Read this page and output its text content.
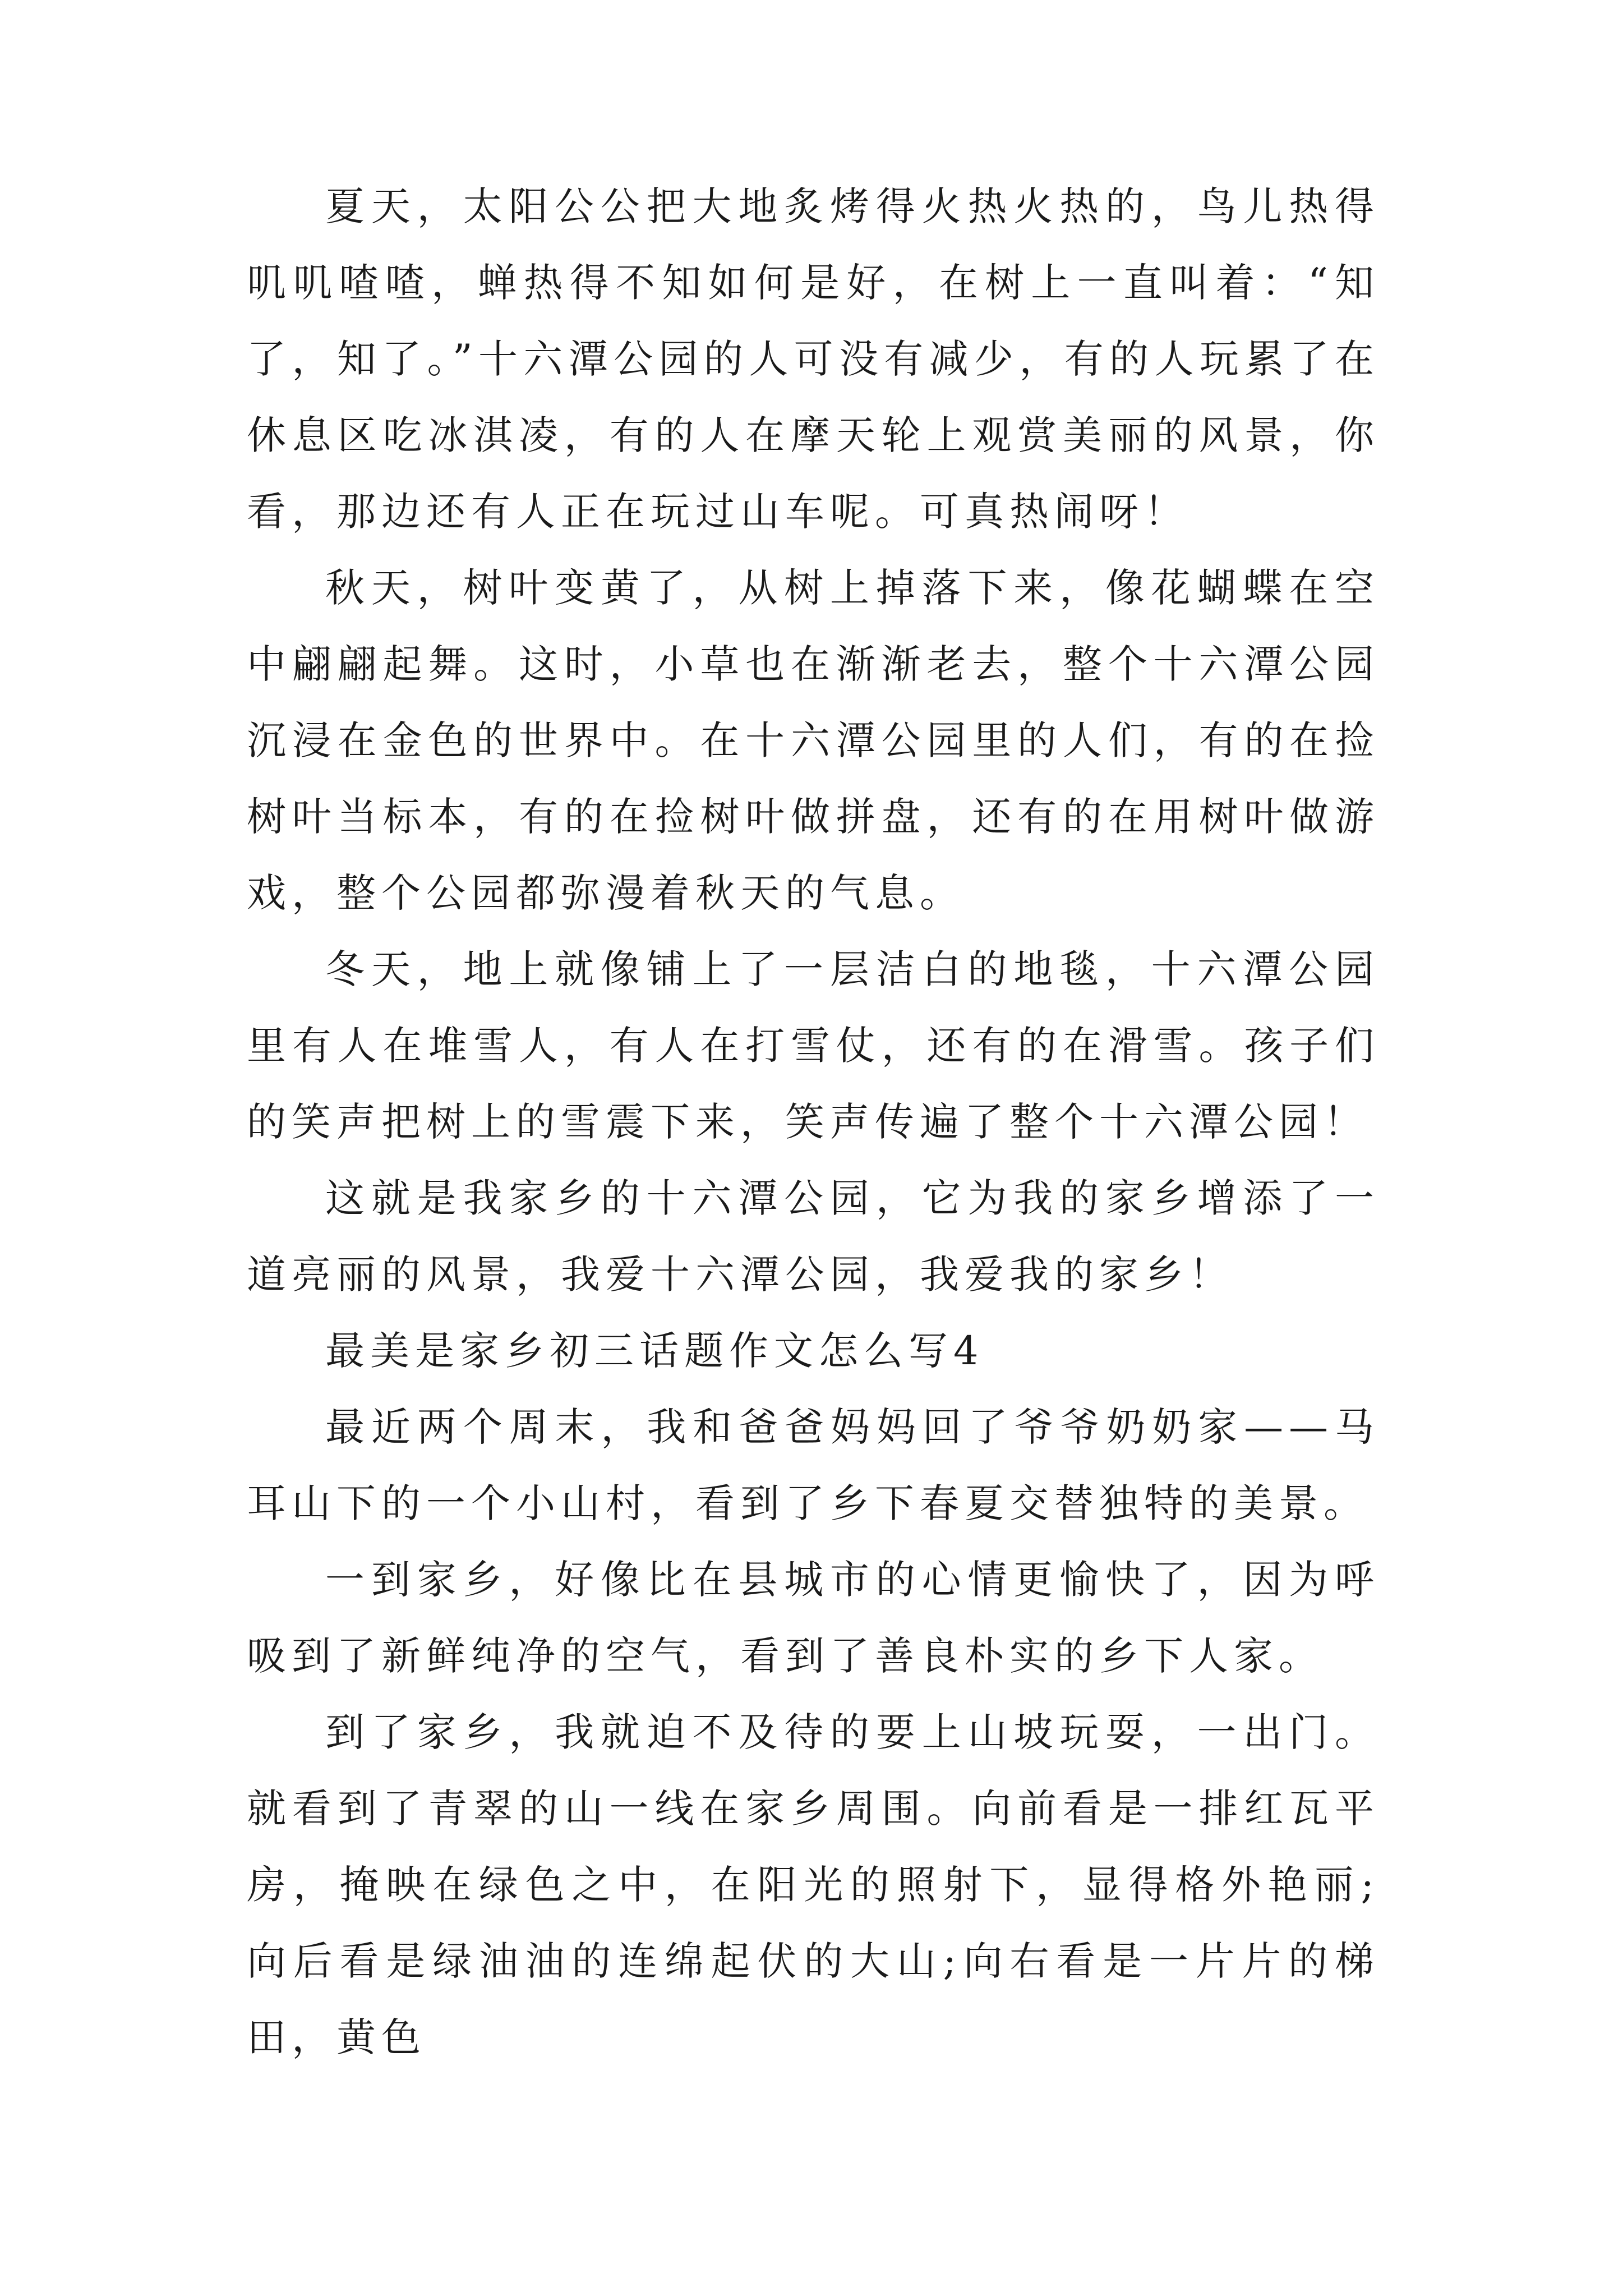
夏天，太阳公公把大地炙烤得火热火热的，鸟儿热得叽叽喳喳，蝉热得不知如何是好，在树上一直叫着：“知了，知了。”十六潭公园的人可没有减少，有的人玩累了在休息区吃冰淇凌，有的人在摩天轮上观赏美丽的风景，你看，那边还有人正在玩过山车呢。可真热闹呀！

秋天，树叶变黄了，从树上掉落下来，像花蝴蝶在空中翩翩起舞。这时，小草也在渐渐老去，整个十六潭公园沉浸在金色的世界中。在十六潭公园里的人们，有的在捡树叶当标本，有的在捡树叶做拼盘，还有的在用树叶做游戏，整个公园都弥漫着秋天的气息。

冬天，地上就像铺上了一层洁白的地毯，十六潭公园里有人在堆雪人，有人在打雪仗，还有的在滑雪。孩子们的笑声把树上的雪震下来，笑声传遍了整个十六潭公园！

这就是我家乡的十六潭公园，它为我的家乡增添了一道亮丽的风景，我爱十六潭公园，我爱我的家乡！

最美是家乡初三话题作文怎么写4

最近两个周末，我和爸爸妈妈回了爷爷奶奶家——马耳山下的一个小山村，看到了乡下春夏交替独特的美景。

一到家乡，好像比在县城市的心情更愉快了，因为呼吸到了新鲜纯净的空气，看到了善良朴实的乡下人家。

到了家乡，我就迫不及待的要上山坡玩耍，一出门。就看到了青翠的山一线在家乡周围。向前看是一排红瓦平房，掩映在绿色之中，在阳光的照射下，显得格外艳丽;向后看是绿油油的连绵起伏的大山;向右看是一片片的梯田，黄色
